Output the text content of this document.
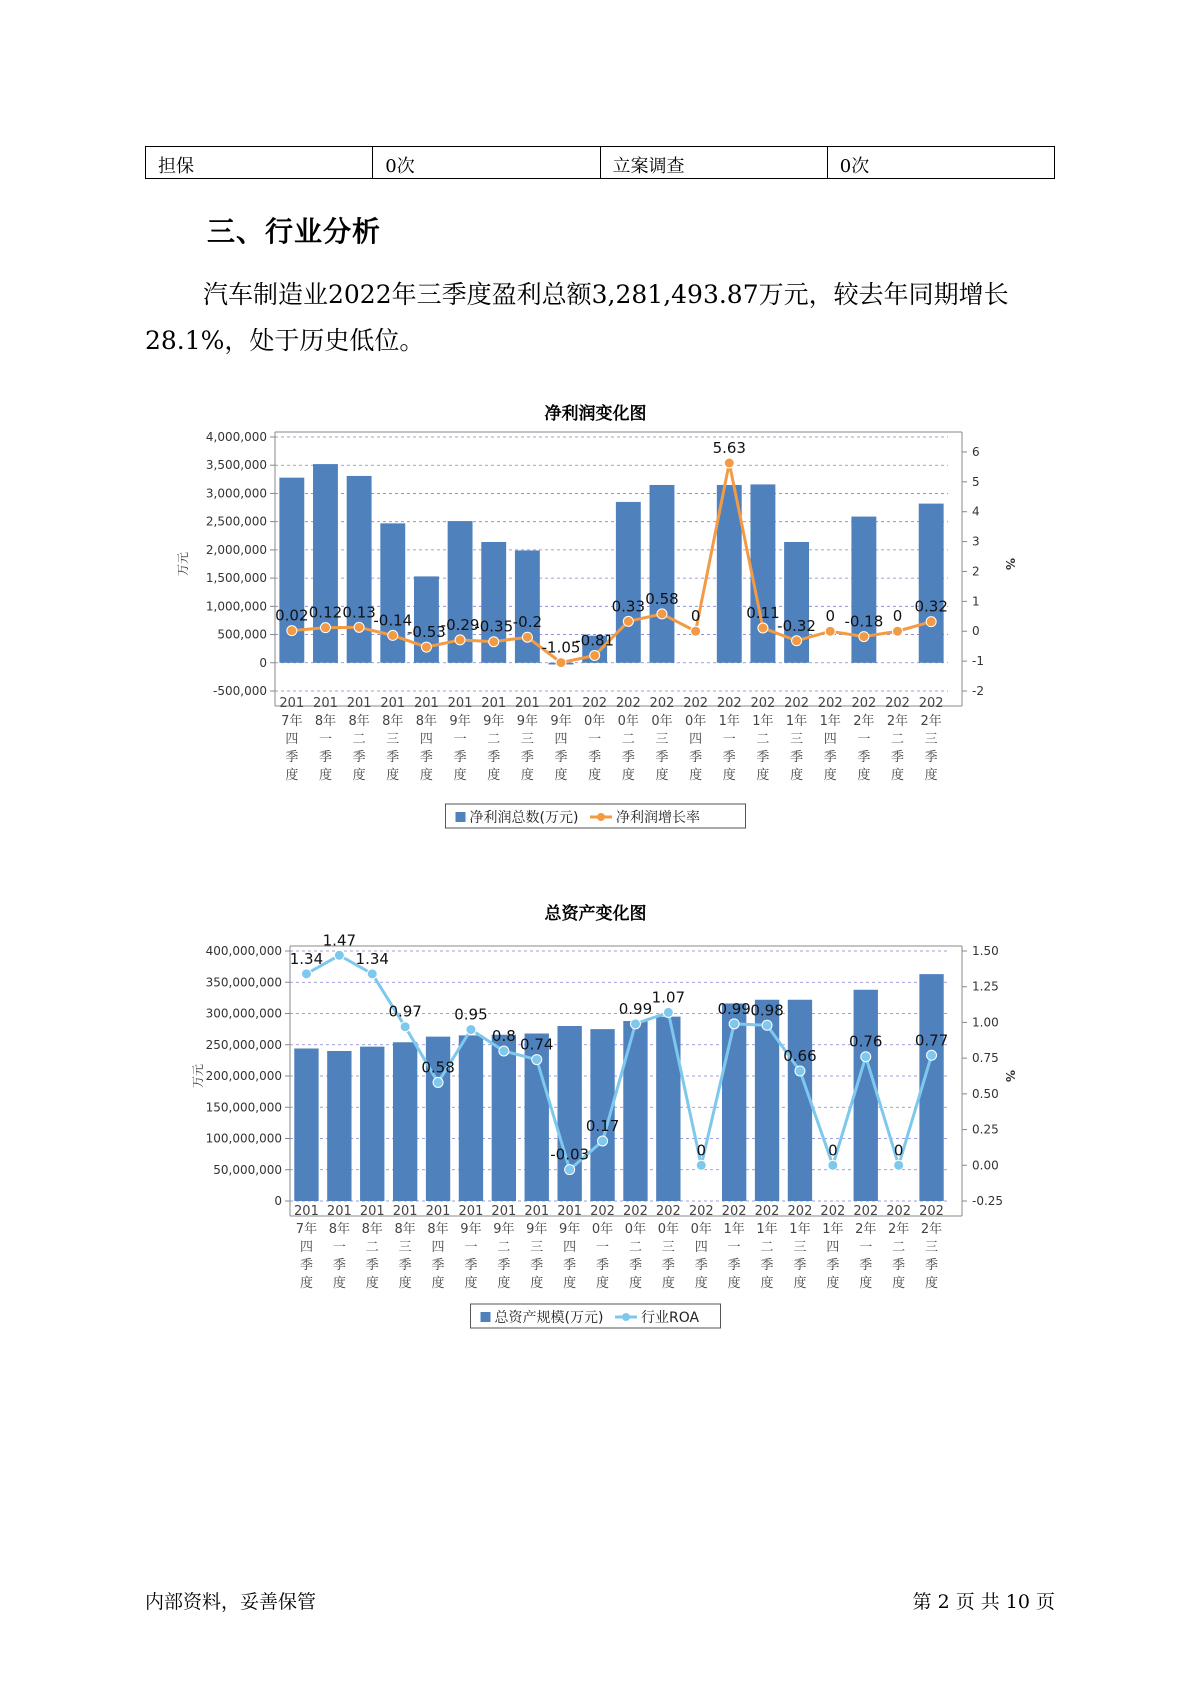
担保	0次	立案调查	0次
三、行业分析

汽车制造业2022年三季度盈利总额3,281,493.87万元，较去年同期增长28.1%，处于历史低位。

净利润变化图
4,000,000
3,500,000
3,000,000
2,500,000
2,000,000
1,500,000
1,000,000
500,000
0
-500,000
6
5
4
3
2
1
0
-1
-2
万元	%
0.02 0.12 0.13
-0.14
-0.53
-0.29
-0.35 -0.2
-1.05
-0.81
0.33 0.58
0
5.63
0.11
-0.32
0 -0.18 0
0.32
201 7年四季度
201 8年一季度
201 8年二季度
201 8年三季度
201 8年四季度
201 9年一季度
201 9年二季度
201 9年三季度
201 9年四季度
202 0年一季度
202 0年二季度
202 0年三季度
202 0年四季度
202 1年一季度
202 1年二季度
202 1年三季度
202 1年四季度
202 2年一季度
202 2年二季度
202 2年三季度
净利润总数(万元)	净利润增长率
总资产变化图
400,000,000
350,000,000
300,000,000
250,000,000
200,000,000
150,000,000
100,000,000
50,000,000
0
1.50
1.25
1.00
0.75
0.50
0.25
0.00
-0.25
万元	%
1.34
1.47
1.34
0.97
0.58
0.95
0.8 0.74
-0.03
0.17
0.99
1.07
0
0.99 0.98
0.66
0
0.76
0
0.77
201 7年四季度
201 8年一季度
201 8年二季度
201 8年三季度
201 8年四季度
201 9年一季度
201 9年二季度
201 9年三季度
201 9年四季度
202 0年一季度
202 0年二季度
202 0年三季度
202 0年四季度
202 1年一季度
202 1年二季度
202 1年三季度
202 1年四季度
202 2年一季度
202 2年二季度
202 2年三季度
总资产规模(万元)	行业ROA
内部资料，妥善保管	第 2 页 共 10 页
